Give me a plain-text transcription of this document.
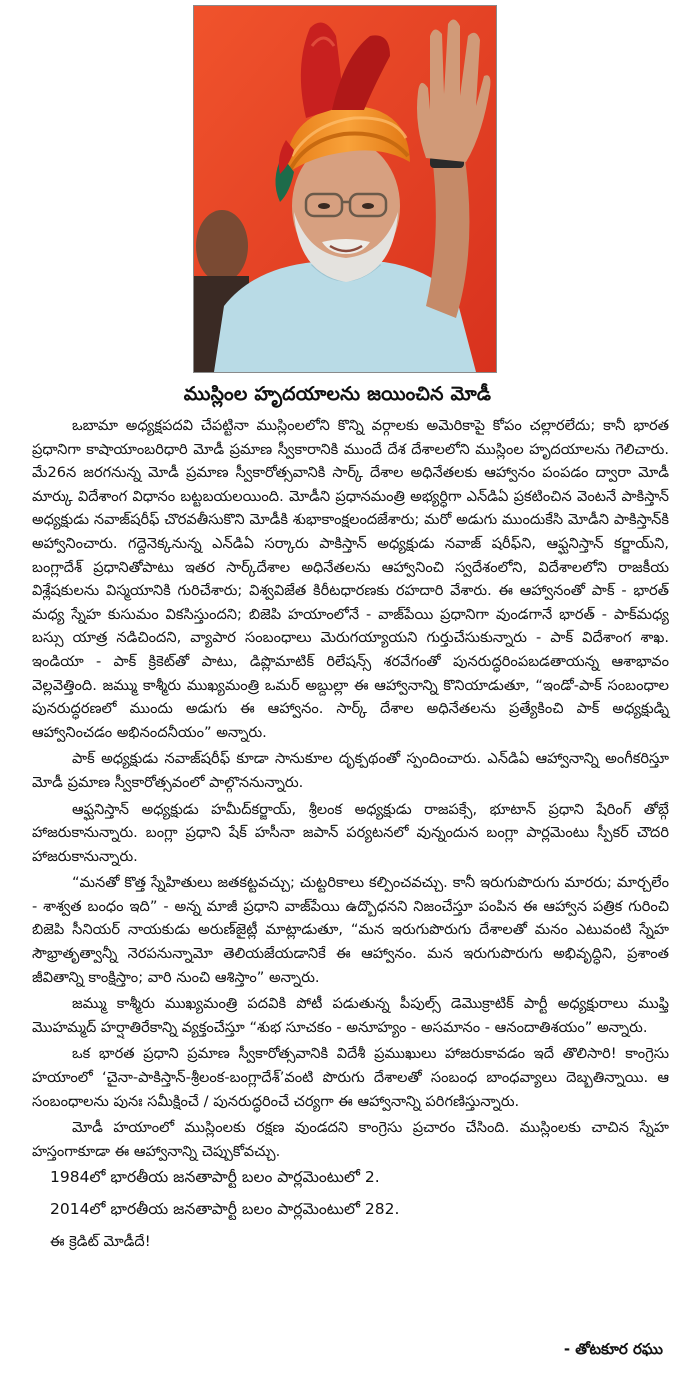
ముస్లింల హృదయాలను జయించిన మోడీ

ఒబామా అధ్యక్షపదవి చేపట్టినా ముస్లింలలోని కొన్ని వర్గాలకు అమెరికాపై కోపం చల్లారలేదు; కానీ భారత ప్రధానిగా కాషాయాంబరిధారి మోడీ ప్రమాణ స్వీకారానికి ముందే దేశ దేశాలలోని ముస్లింల హృదయాలను గెలిచారు. మే26న జరగనున్న మోడీ ప్రమాణ స్వీకారోత్సవానికి సార్క్ దేశాల అధినేతలకు ఆహ్వానం పంపడం ద్వారా మోడీ మార్కు విదేశాంగ విధానం బట్టబయలయింది. మోడీని ప్రధానమంత్రి అభ్యర్ధిగా ఎన్‌డిఏ ప్రకటించిన వెంటనే పాకిస్తాన్ అధ్యక్షుడు నవాజ్‌షరీఫ్ చొరవతీసుకొని మోడీకి శుభాకాంక్షలందజేశారు; మరో అడుగు ముందుకేసి మోడీని పాకిస్తాన్‌కి అహ్వానించారు. గద్దెనెక్కనున్న ఎన్‌డిఏ సర్కారు పాకిస్తాన్ అధ్యక్షుడు నవాజ్ షరీఫ్‌ని, ఆఫ్ఘనిస్తాన్ కర్జాయ్‌ని, బంగ్లాదేశ్ ప్రధానితోపాటు ఇతర సార్క్‌దేశాల అధినేతలను ఆహ్వానించి స్వదేశంలోని, విదేశాలలోని రాజకీయ విశ్లేషకులను విస్మయానికి గురిచేశారు; విశ్వవిజేత కిరీటధారణకు రహదారి వేశారు. ఈ ఆహ్వానంతో పాక్ - భారత్ మధ్య స్నేహ కుసుమం వికసిస్తుందని; బిజెపి హయాంలోనే - వాజ్‌పేయి ప్రధానిగా వుండగానే భారత్ - పాక్‌మధ్య బస్సు యాత్ర నడిచిందని, వ్యాపార సంబంధాలు మెరుగయ్యాయని గుర్తుచేసుకున్నారు - పాక్ విదేశాంగ శాఖ. ఇండియా - పాక్ క్రికెట్‌తో పాటు, డిప్లొమాటిక్ రిలేషన్స్ శరవేగంతో పునరుద్ధరింపబడతాయన్న ఆశాభావం వెల్లవెత్తింది. జమ్ము కాశ్మీరు ముఖ్యమంత్రి ఒమర్ అబ్దుల్లా ఈ ఆహ్వానాన్ని కొనియాడుతూ, “ఇండో-పాక్ సంబంధాల పునరుద్ధరణలో ముందు అడుగు ఈ ఆహ్వానం. సార్క్ దేశాల అధినేతలను ప్రత్యేకించి పాక్ అధ్యక్షుడ్ని ఆహ్వానించడం అభినందనీయం” అన్నారు.

పాక్ అధ్యక్షుడు నవాజ్‌షరీఫ్ కూడా సానుకూల దృక్పథంతో స్పందించారు. ఎన్‌డిఏ ఆహ్వానాన్ని అంగీకరిస్తూ మోడీ ప్రమాణ స్వీకారోత్సవంలో పాల్గొననున్నారు.

ఆఫ్ఘనిస్తాన్ అధ్యక్షుడు హమీద్‌కర్జాయ్, శ్రీలంక అధ్యక్షుడు రాజపక్సే, భూటాన్ ప్రధాని షేరింగ్ తోబ్గే హాజరుకానున్నారు. బంగ్లా ప్రధాని షేక్ హసీనా జపాన్ పర్యటనలో వున్నందున బంగ్లా పార్లమెంటు స్పీకర్ చౌదరి హాజరుకానున్నారు.

“మనతో కొత్త స్నేహితులు జతకట్టవచ్చు; చుట్టరికాలు కల్పించవచ్చు. కానీ ఇరుగుపొరుగు మారరు; మార్చలేం - శాశ్వత బంధం ఇది” - అన్న మాజీ ప్రధాని వాజ్‌పేయి ఉద్బొధనని నిజంచేస్తూ పంపిన ఈ ఆహ్వాన పత్రిక గురించి బిజెపి సీనియర్ నాయకుడు అరుణ్‌జైట్లీ మాట్లాడుతూ, “మన ఇరుగుపొరుగు దేశాలతో మనం ఎటువంటి స్నేహ సౌభ్రాతృత్వాన్నీ నెరపనున్నామో తెలియజేయడానికే ఈ ఆహ్వానం. మన ఇరుగుపొరుగు అభివృద్ధిని, ప్రశాంత జీవితాన్ని కాంక్షిస్తాం; వారి నుంచి ఆశిస్తాం” అన్నారు.

జమ్ము కాశ్మీరు ముఖ్యమంత్రి పదవికి పోటీ పడుతున్న పీపుల్స్ డెమొక్రాటిక్ పార్టీ అధ్యక్షురాలు ముఫ్తి మొహమ్మద్ హర్షాతిరేకాన్ని వ్యక్తంచేస్తూ “శుభ సూచకం - అనూహ్యం - అసమానం - ఆనందాతిశయం” అన్నారు.

ఒక భారత ప్రధాని ప్రమాణ స్వీకారోత్సవానికి విదేశీ ప్రముఖులు హాజరుకావడం ఇదే తొలిసారి! కాంగ్రెసు హయాంలో ‘చైనా-పాకిస్తాన్-శ్రీలంక-బంగ్లాదేశ్’వంటి పొరుగు దేశాలతో సంబంధ బాంధవ్యాలు దెబ్బతిన్నాయి. ఆ సంబంధాలను పునః సమీక్షించే / పునరుద్ధరించే చర్యగా ఈ ఆహ్వానాన్ని పరిగణిస్తున్నారు.

మోడీ హయాంలో ముస్లింలకు రక్షణ వుండదని కాంగ్రెసు ప్రచారం చేసింది. ముస్లింలకు చాచిన స్నేహ హస్తంగాకూడా ఈ ఆహ్వానాన్ని చెప్పుకోవచ్చు.

1984లో భారతీయ జనతాపార్టీ బలం పార్లమెంటులో 2.

2014లో భారతీయ జనతాపార్టీ బలం పార్లమెంటులో 282.

ఈ క్రెడిట్ మోడీదే!

- తోటకూర రఘు
